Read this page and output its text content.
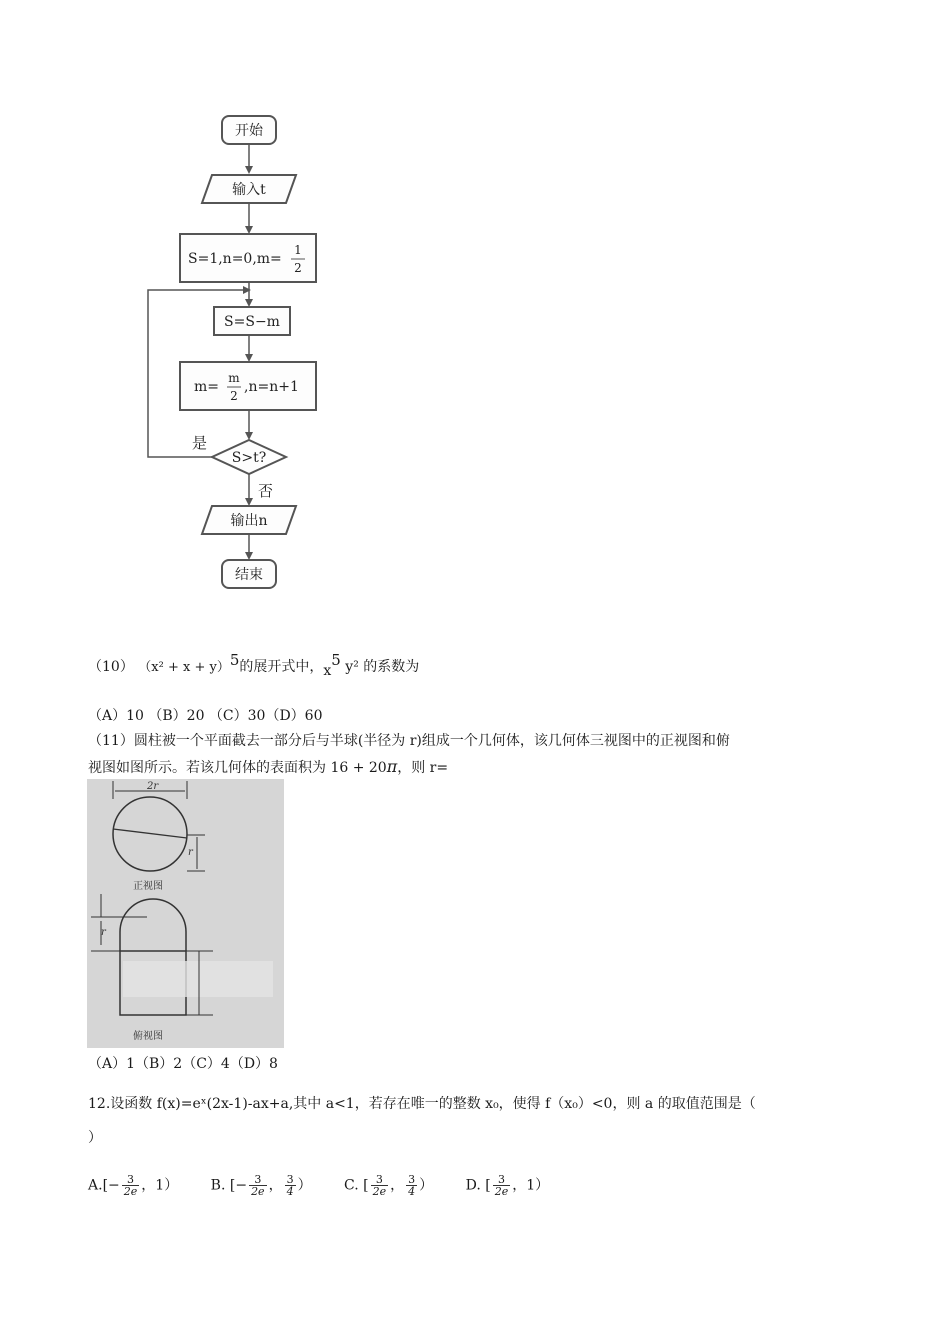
开始
输入t
S=1,n=0,m=
1
2
S=S−m
m=
m
2
,n=n+1
S>t?
是
否
输出n
结束
（10） （x² + x + y）5的展开式中，x5 y² 的系数为
（A）10 （B）20 （C）30（D）60
（11）圆柱被一个平面截去一部分后与半球(半径为 r)组成一个几何体，该几何体三视图中的正视图和俯
视图如图所示。若该几何体的表面积为 16 + 20π，则 r=
2r
r
正视图
r
俯视图
（A）1（B）2（C）4（D）8
12.设函数 f(x)=eˣ(2x-1)-ax+a,其中 a<1，若存在唯一的整数 x₀，使得 f（x₀）<0，则 a 的取值范围是（
）
$A.[- \frac{3}{2e}$ ，1） B. [− $\frac{3}{2e}$ ， $\frac{3}{4}$ ） C. [ $\frac{3}{2e}$ ， $\frac{3}{4}$ ） D. [ $\frac{3}{2e}$ ，1）
